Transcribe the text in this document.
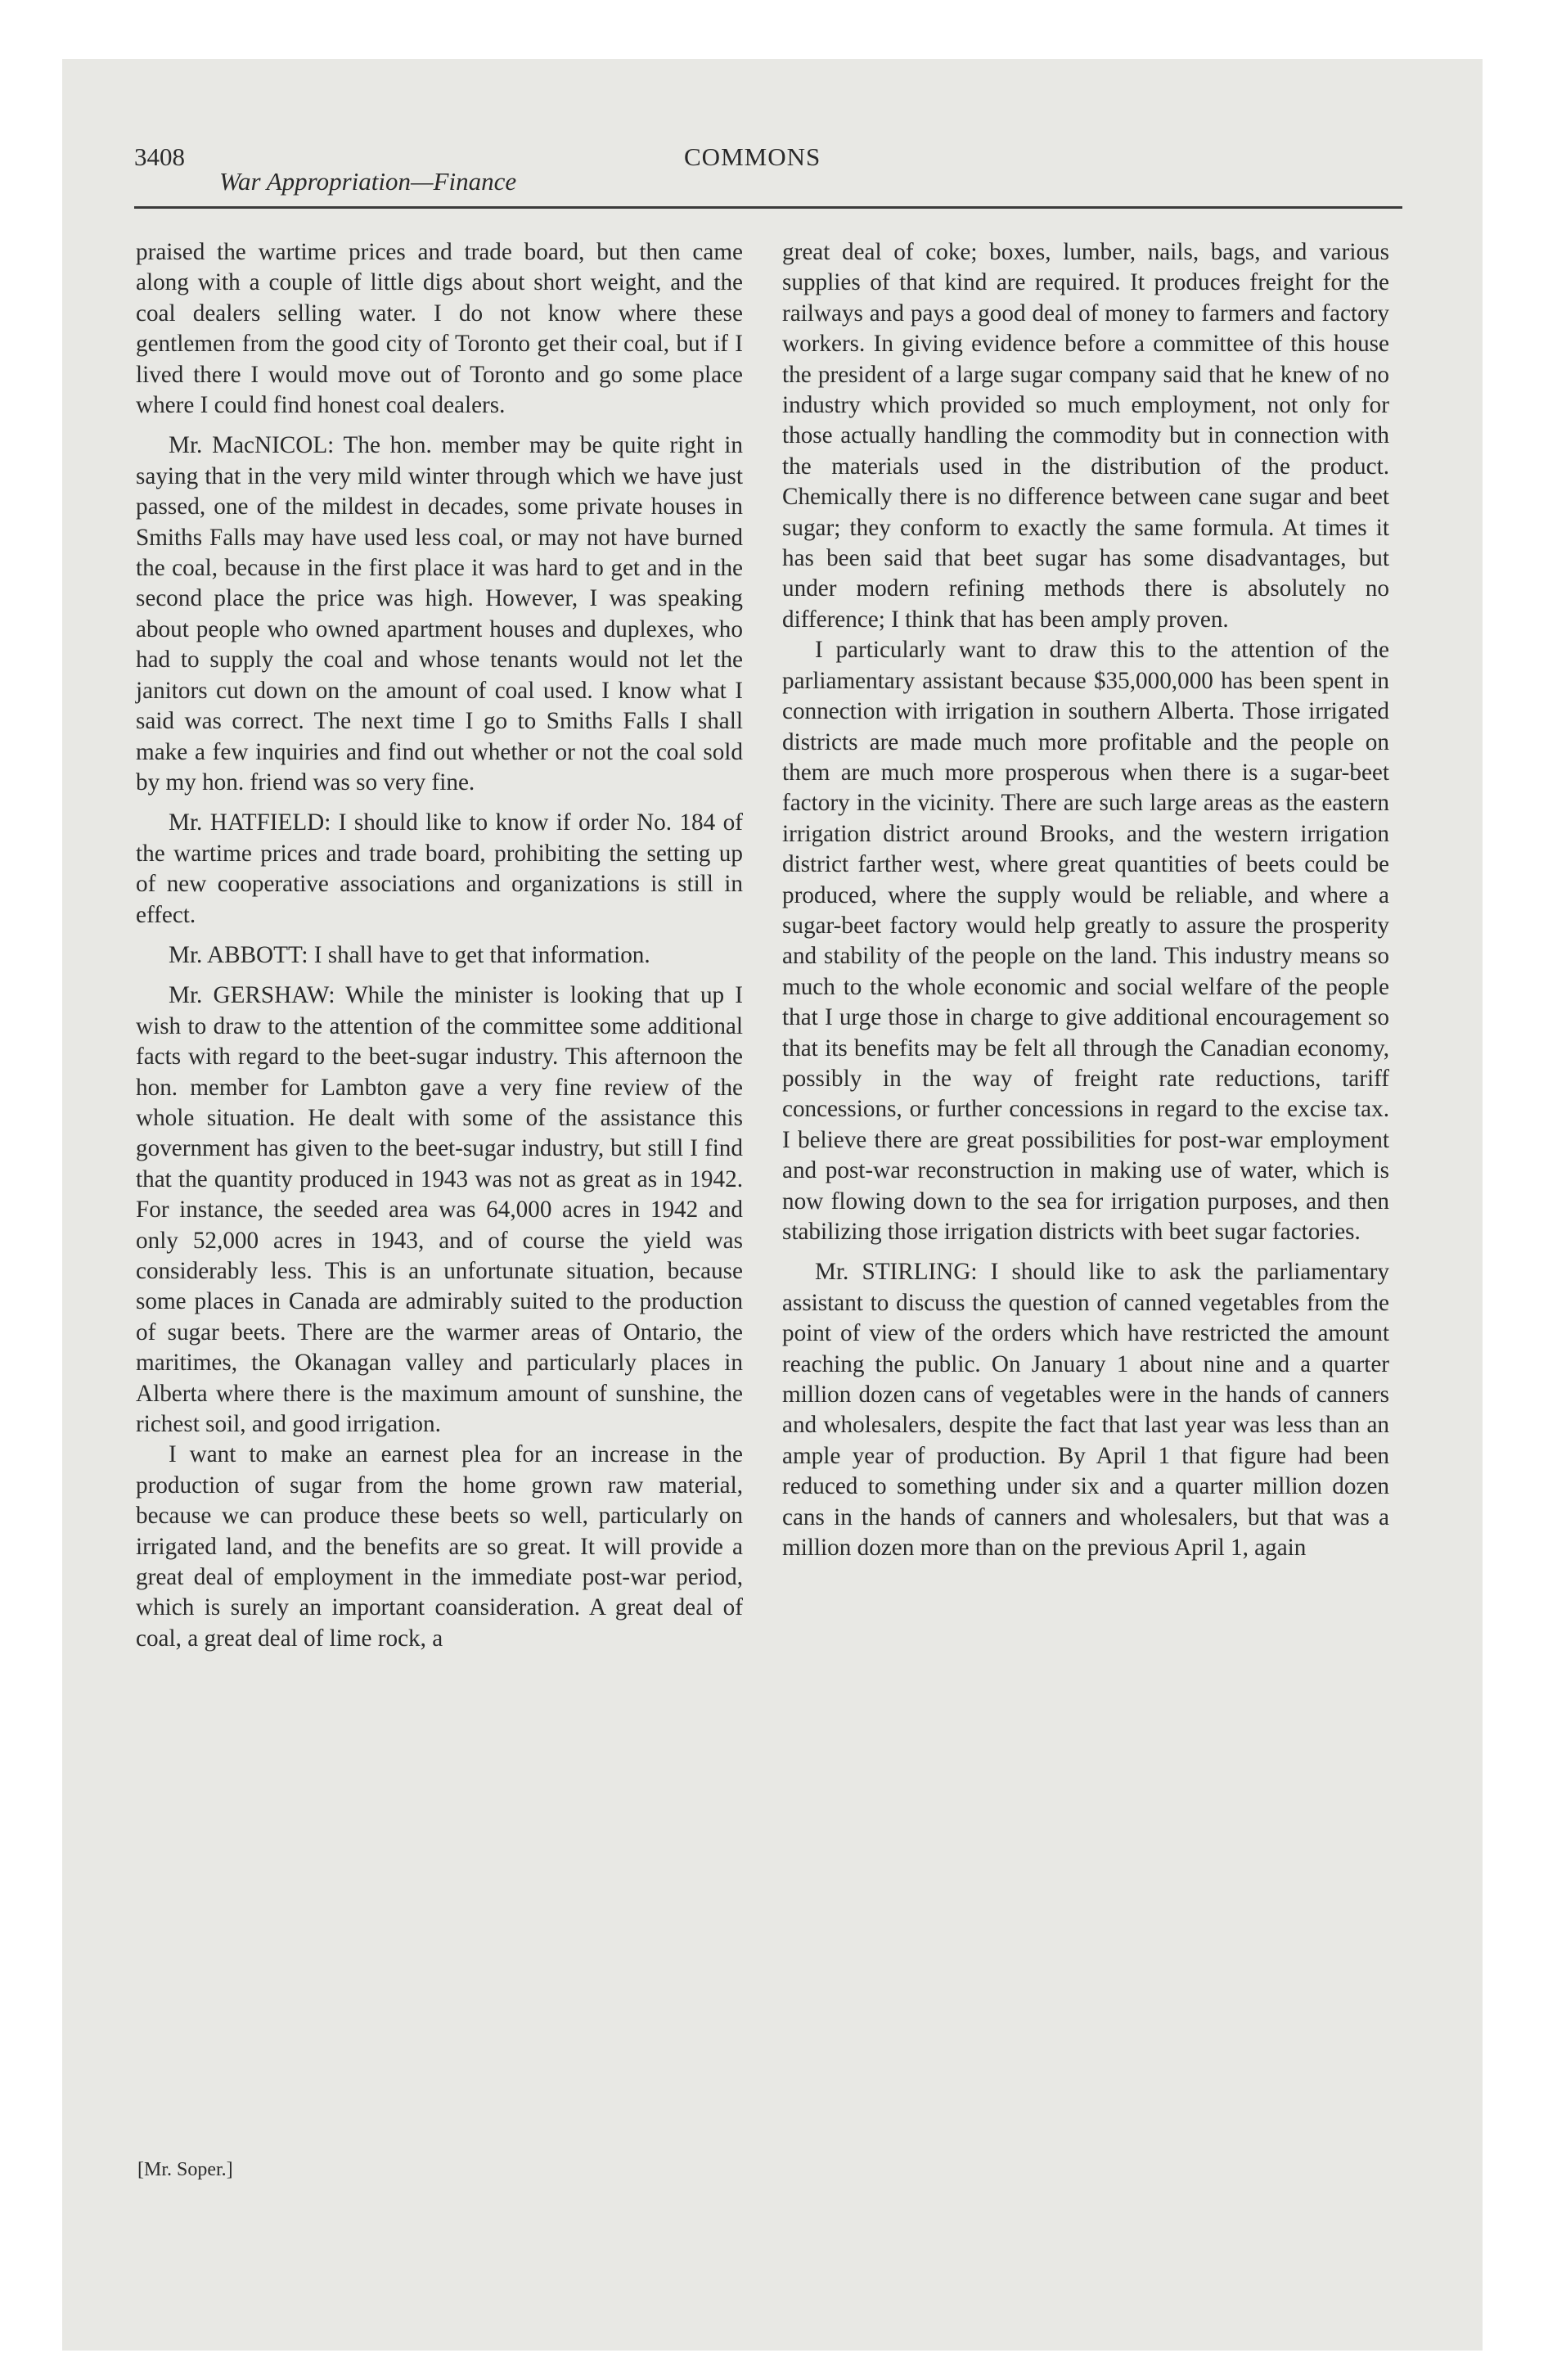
3408
War Appropriation—Finance
COMMONS

praised the wartime prices and trade board, but then came along with a couple of little digs about short weight, and the coal dealers selling water. I do not know where these gentlemen from the good city of Toronto get their coal, but if I lived there I would move out of Toronto and go some place where I could find honest coal dealers.

Mr. MacNICOL: The hon. member may be quite right in saying that in the very mild winter through which we have just passed, one of the mildest in decades, some private houses in Smiths Falls may have used less coal, or may not have burned the coal, because in the first place it was hard to get and in the second place the price was high. However, I was speaking about people who owned apartment houses and duplexes, who had to supply the coal and whose tenants would not let the janitors cut down on the amount of coal used. I know what I said was correct. The next time I go to Smiths Falls I shall make a few inquiries and find out whether or not the coal sold by my hon. friend was so very fine.

Mr. HATFIELD: I should like to know if order No. 184 of the wartime prices and trade board, prohibiting the setting up of new cooperative associations and organizations is still in effect.

Mr. ABBOTT: I shall have to get that information.

Mr. GERSHAW: While the minister is looking that up I wish to draw to the attention of the committee some additional facts with regard to the beet-sugar industry. This afternoon the hon. member for Lambton gave a very fine review of the whole situation. He dealt with some of the assistance this government has given to the beet-sugar industry, but still I find that the quantity produced in 1943 was not as great as in 1942. For instance, the seeded area was 64,000 acres in 1942 and only 52,000 acres in 1943, and of course the yield was considerably less. This is an unfortunate situation, because some places in Canada are admirably suited to the production of sugar beets. There are the warmer areas of Ontario, the maritimes, the Okanagan valley and particularly places in Alberta where there is the maximum amount of sunshine, the richest soil, and good irrigation.

I want to make an earnest plea for an increase in the production of sugar from the home grown raw material, because we can produce these beets so well, particularly on irrigated land, and the benefits are so great. It will provide a great deal of employment in the immediate post-war period, which is surely an important coansideration. A great deal of coal, a great deal of lime rock, a

great deal of coke; boxes, lumber, nails, bags, and various supplies of that kind are required. It produces freight for the railways and pays a good deal of money to farmers and factory workers. In giving evidence before a committee of this house the president of a large sugar company said that he knew of no industry which provided so much employment, not only for those actually handling the commodity but in connection with the materials used in the distribution of the product. Chemically there is no difference between cane sugar and beet sugar; they conform to exactly the same formula. At times it has been said that beet sugar has some disadvantages, but under modern refining methods there is absolutely no difference; I think that has been amply proven.

I particularly want to draw this to the attention of the parliamentary assistant because $35,000,000 has been spent in connection with irrigation in southern Alberta. Those irrigated districts are made much more profitable and the people on them are much more prosperous when there is a sugar-beet factory in the vicinity. There are such large areas as the eastern irrigation district around Brooks, and the western irrigation district farther west, where great quantities of beets could be produced, where the supply would be reliable, and where a sugar-beet factory would help greatly to assure the prosperity and stability of the people on the land. This industry means so much to the whole economic and social welfare of the people that I urge those in charge to give additional encouragement so that its benefits may be felt all through the Canadian economy, possibly in the way of freight rate reductions, tariff concessions, or further concessions in regard to the excise tax. I believe there are great possibilities for post-war employment and post-war reconstruction in making use of water, which is now flowing down to the sea for irrigation purposes, and then stabilizing those irrigation districts with beet sugar factories.

Mr. STIRLING: I should like to ask the parliamentary assistant to discuss the question of canned vegetables from the point of view of the orders which have restricted the amount reaching the public. On January 1 about nine and a quarter million dozen cans of vegetables were in the hands of canners and wholesalers, despite the fact that last year was less than an ample year of production. By April 1 that figure had been reduced to something under six and a quarter million dozen cans in the hands of canners and wholesalers, but that was a million dozen more than on the previous April 1, again

[Mr. Soper.]
